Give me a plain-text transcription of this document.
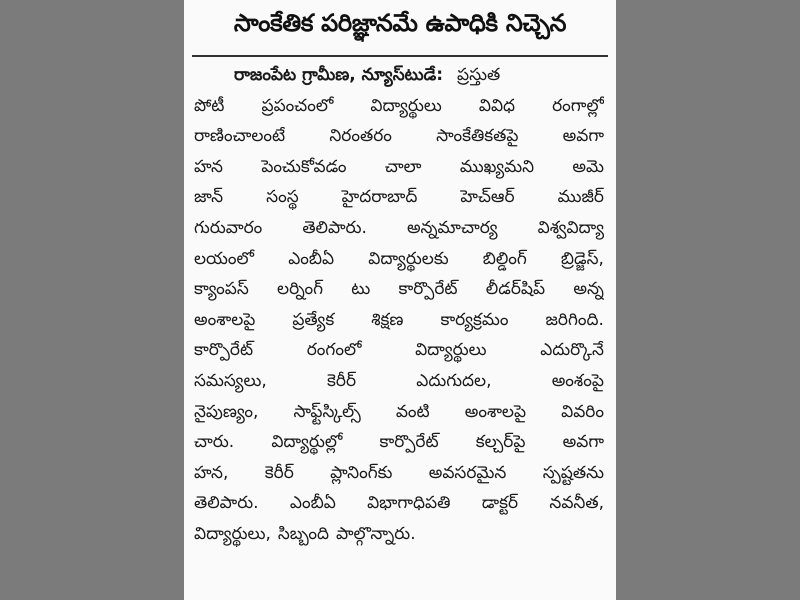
సాంకేతిక పరిజ్ఞానమే ఉపాధికి నిచ్చెన
రాజంపేట గ్రామీణ, న్యూస్‌టుడే: ప్రస్తుత
పోటీ ప్రపంచంలో విద్యార్థులు వివిధ రంగాల్లో
రాణించాలంటే	నిరంతరం	సాంకేతికతపై	అవగా
హన పెంచుకోవడం చాలా ముఖ్యమని అమె
జాన్	సంస్థ	హైదరాబాద్	హెచ్ఆర్	ముజీర్
గురువారం తెలిపారు. అన్నమాచార్య విశ్వవిద్యా
లయంలో ఎంబీఏ విద్యార్థులకు బిల్డింగ్ బ్రిడ్జెస్,
క్యాంపస్ లర్నింగ్ టు కార్పొరేట్ లీడర్‌షిప్ అన్న
అంశాలపై ప్రత్యేక శిక్షణ కార్యక్రమం జరిగింది.
కార్పొరేట్	రంగంలో	విద్యార్థులు	ఎదుర్కొనే
సమస్యలు,	కెరీర్	ఎదుగుదల,	అంశంపై
నైపుణ్యం, సాఫ్ట్‌స్కిల్స్ వంటి అంశాలపై వివరిం
చారు. విద్యార్థుల్లో కార్పొరేట్ కల్చర్‌పై అవగా
హన, కెరీర్ ప్లానింగ్‌కు అవసరమైన స్పష్టతను
తెలిపారు. ఎంబీఏ విభాగాధిపతి డాక్టర్ నవనీత,
విద్యార్థులు, సిబ్బంది పాల్గొన్నారు.
